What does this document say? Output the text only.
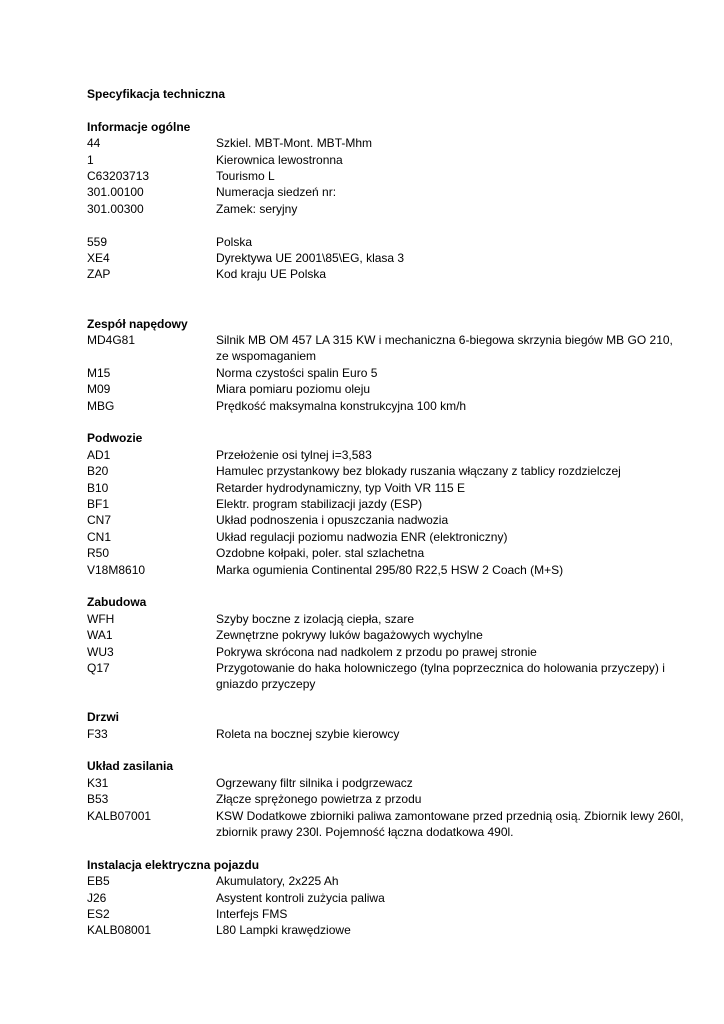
Specyfikacja techniczna
Informacje ogólne
44	Szkiel. MBT-Mont. MBT-Mhm
1	Kierownica lewostronna
C63203713	Tourismo L
301.00100	Numeracja siedzeń nr:
301.00300	Zamek: seryjny
559	Polska
XE4	Dyrektywa UE 2001\85\EG, klasa 3
ZAP	Kod kraju UE Polska
Zespół napędowy
MD4G81	Silnik MB OM 457 LA 315 KW i mechaniczna 6-biegowa skrzynia biegów MB GO 210, ze wspomaganiem
M15	Norma czystości spalin Euro 5
M09	Miara pomiaru poziomu oleju
MBG	Prędkość maksymalna konstrukcyjna 100 km/h
Podwozie
AD1	Przełożenie osi tylnej i=3,583
B20	Hamulec przystankowy bez blokady ruszania włączany z tablicy rozdzielczej
B10	Retarder hydrodynamiczny, typ Voith VR 115 E
BF1	Elektr. program stabilizacji jazdy (ESP)
CN7	Układ podnoszenia i opuszczania nadwozia
CN1	Układ regulacji poziomu nadwozia ENR (elektroniczny)
R50	Ozdobne kołpaki, poler. stal szlachetna
V18M8610	Marka ogumienia Continental 295/80 R22,5 HSW 2 Coach (M+S)
Zabudowa
WFH	Szyby boczne z izolacją ciepła, szare
WA1	Zewnętrzne pokrywy luków bagażowych wychylne
WU3	Pokrywa skrócona nad nadkolem z przodu po prawej stronie
Q17	Przygotowanie do haka holowniczego (tylna poprzecznica do holowania przyczepy) i gniazdo przyczepy
Drzwi
F33	Roleta na bocznej szybie kierowcy
Układ zasilania
K31	Ogrzewany filtr silnika i podgrzewacz
B53	Złącze sprężonego powietrza z przodu
KALB07001	KSW Dodatkowe zbiorniki paliwa zamontowane przed przednią osią. Zbiornik lewy 260l, zbiornik prawy 230l. Pojemność łączna dodatkowa 490l.
Instalacja elektryczna pojazdu
EB5	Akumulatory, 2x225 Ah
J26	Asystent kontroli zużycia paliwa
ES2	Interfejs FMS
KALB08001	L80 Lampki krawędziowe
